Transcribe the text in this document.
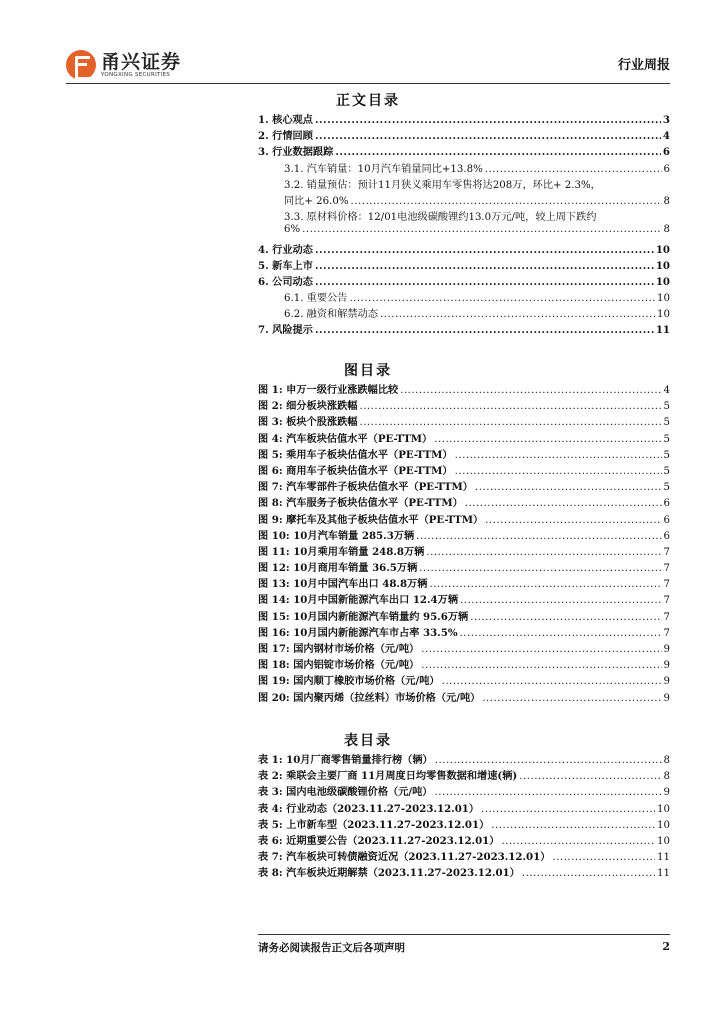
甬兴证券
YONGXING SECURITIES
行业周报
正文目录
1. 核心观点 .....	3
2. 行情回顾 .....	4
3. 行业数据跟踪 .....	6
3.1. 汽车销量：10月汽车销量同比+13.8% .....	6
3.2. 销量预估：预计11月狭义乘用车零售将达208万，环比+ 2.3%，
同比+ 26.0% .....	8
3.3. 原材料价格：12/01电池级碳酸锂约13.0万元/吨，较上周下跌约
6% .....	8
4. 行业动态 .....	10
5. 新车上市 .....	10
6. 公司动态 .....	10
6.1. 重要公告 .....	10
6.2. 融资和解禁动态 .....	10
7. 风险提示 .....	11
图目录
图 1: 申万一级行业涨跌幅比较 .....	4
图 2: 细分板块涨跌幅 .....	5
图 3: 板块个股涨跌幅 .....	5
图 4: 汽车板块估值水平（PE-TTM） .....	5
图 5: 乘用车子板块估值水平（PE-TTM） .....	5
图 6: 商用车子板块估值水平（PE-TTM） .....	5
图 7: 汽车零部件子板块估值水平（PE-TTM） .....	5
图 8: 汽车服务子板块估值水平（PE-TTM） .....	6
图 9: 摩托车及其他子板块估值水平（PE-TTM） .....	6
图 10: 10月汽车销量 285.3万辆 .....	6
图 11: 10月乘用车销量 248.8万辆 .....	7
图 12: 10月商用车销量 36.5万辆 .....	7
图 13: 10月中国汽车出口 48.8万辆 .....	7
图 14: 10月中国新能源汽车出口 12.4万辆 .....	7
图 15: 10月国内新能源汽车销量约 95.6万辆 .....	7
图 16: 10月国内新能源汽车市占率 33.5% .....	7
图 17: 国内钢材市场价格（元/吨） .....	9
图 18: 国内铝锭市场价格（元/吨） .....	9
图 19: 国内顺丁橡胶市场价格（元/吨） .....	9
图 20: 国内聚丙烯（拉丝料）市场价格（元/吨） .....	9
表目录
表 1: 10月厂商零售销量排行榜（辆） .....	8
表 2: 乘联会主要厂商 11月周度日均零售数据和增速(辆) .....	8
表 3: 国内电池级碳酸锂价格（元/吨） .....	9
表 4: 行业动态（2023.11.27-2023.12.01） .....	10
表 5: 上市新车型（2023.11.27-2023.12.01） .....	10
表 6: 近期重要公告（2023.11.27-2023.12.01） .....	10
表 7: 汽车板块可转债融资近况（2023.11.27-2023.12.01） .....	11
表 8: 汽车板块近期解禁（2023.11.27-2023.12.01） .....	11
请务必阅读报告正文后各项声明	2
